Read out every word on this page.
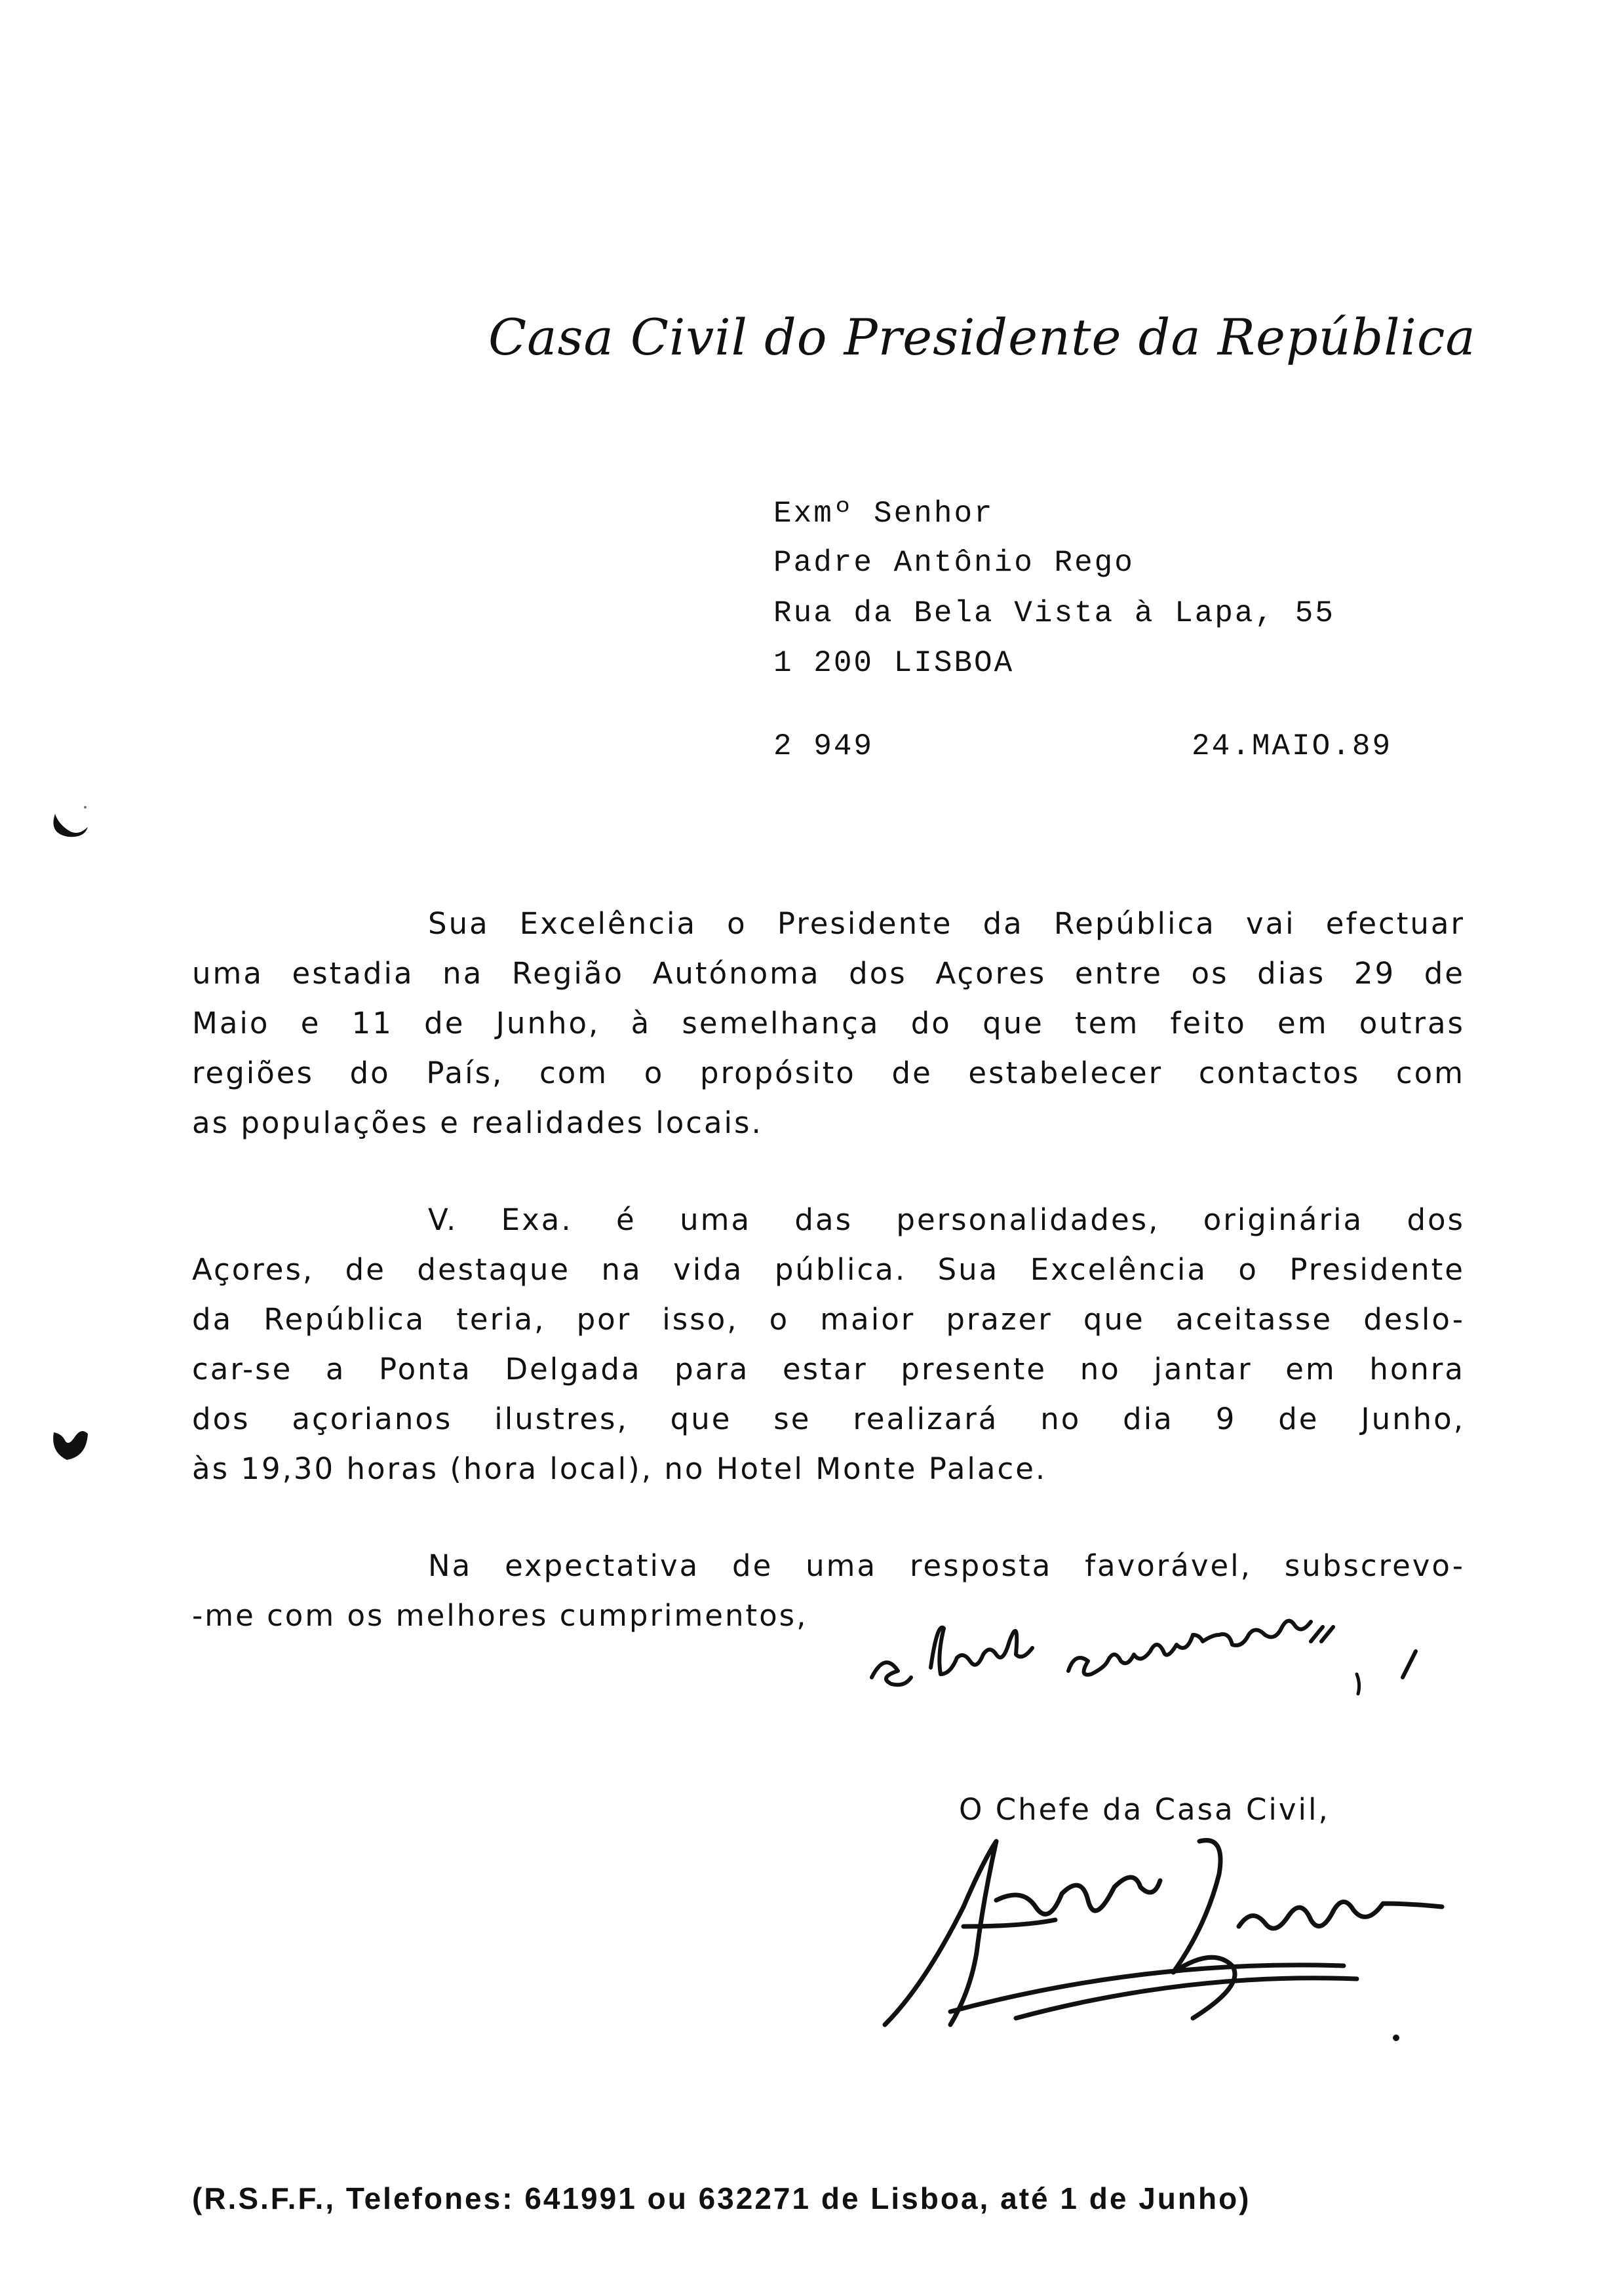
Casa Civil do Presidente da República
Exmº Senhor
Padre Antônio Rego
Rua da Bela Vista à Lapa, 55
1 200 LISBOA
2 949	24.MAIO.89
Sua Excelência o Presidente da República vai efectuar
uma estadia na Região Autónoma dos Açores entre os dias 29 de
Maio e 11 de Junho, à semelhança do que tem feito em outras
regiões do País, com o propósito de estabelecer contactos com
as populações e realidades locais.
V. Exa. é uma das personalidades, originária dos
Açores, de destaque na vida pública. Sua Excelência o Presidente
da República teria, por isso, o maior prazer que aceitasse deslo-
car-se a Ponta Delgada para estar presente no jantar em honra
dos açorianos ilustres, que se realizará no dia 9 de Junho,
às 19,30 horas (hora local), no Hotel Monte Palace.
Na expectativa de uma resposta favorável, subscrevo-
-me com os melhores cumprimentos,
O Chefe da Casa Civil,
(R.S.F.F., Telefones: 641991 ou 632271 de Lisboa, até 1 de Junho)
